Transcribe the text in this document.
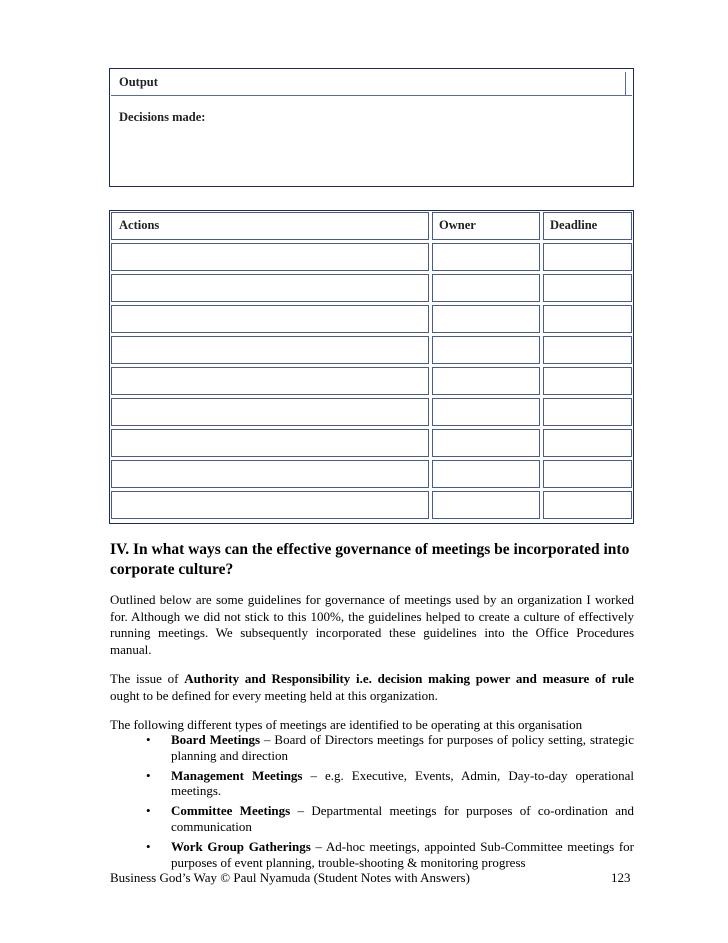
Output
Decisions made:
Actions	Owner	Deadline
IV. In what ways can the effective governance of meetings be incorporated into corporate culture?
Outlined below are some guidelines for governance of meetings used by an organization I worked for. Although we did not stick to this 100%, the guidelines helped to create a culture of effectively running meetings. We subsequently incorporated these guidelines into the Office Procedures manual.
The issue of Authority and Responsibility i.e. decision making power and measure of rule ought to be defined for every meeting held at this organization.
The following different types of meetings are identified to be operating at this organisation
• Board Meetings – Board of Directors meetings for purposes of policy setting, strategic planning and direction
• Management Meetings – e.g. Executive, Events, Admin, Day-to-day operational meetings.
• Committee Meetings – Departmental meetings for purposes of co-ordination and communication
• Work Group Gatherings – Ad-hoc meetings, appointed Sub-Committee meetings for purposes of event planning, trouble-shooting & monitoring progress
Business God’s Way © Paul Nyamuda (Student Notes with Answers)	123
